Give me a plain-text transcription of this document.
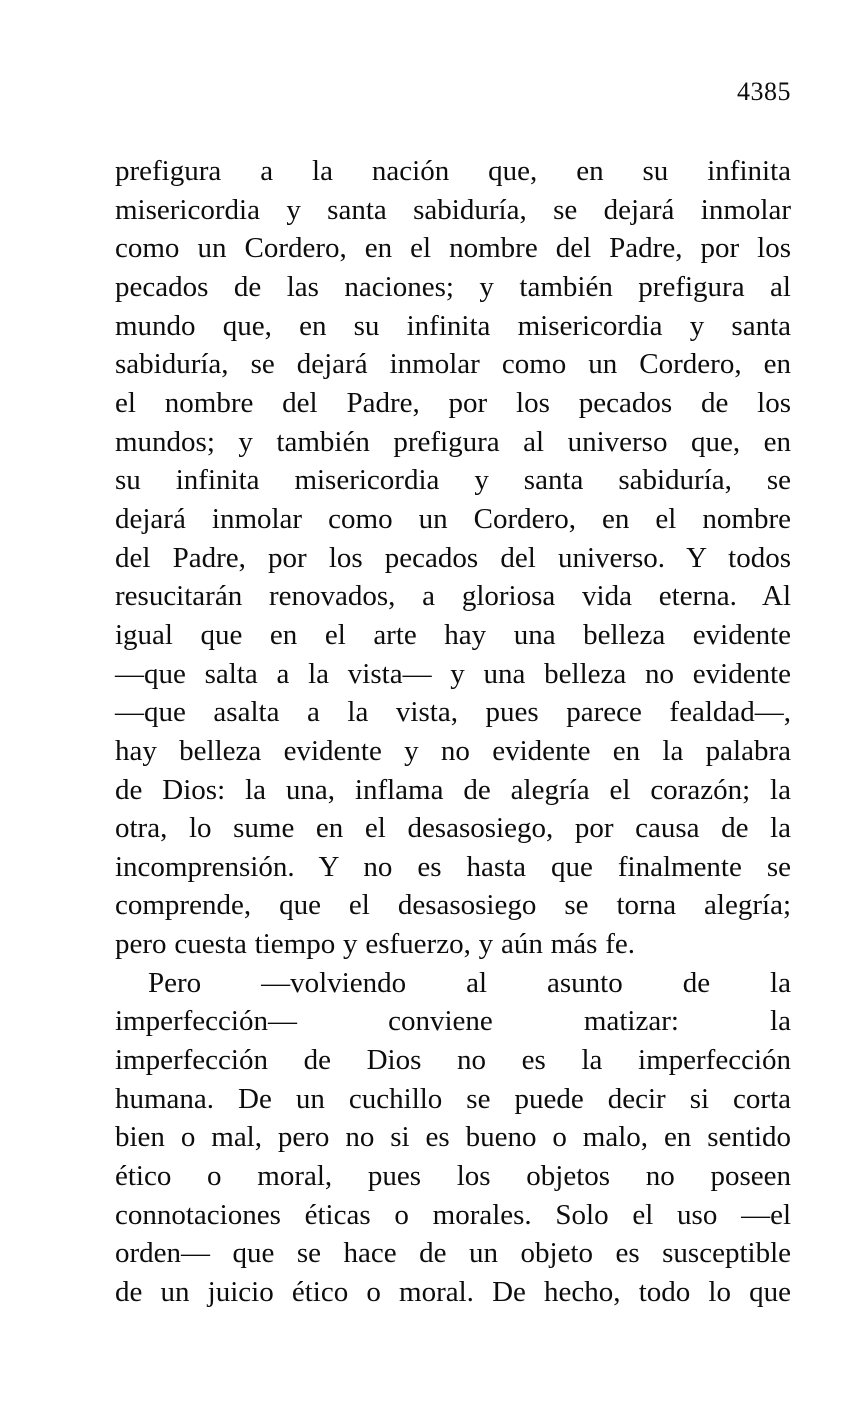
4385
prefigura a la nación que, en su infinita
misericordia y santa sabiduría, se dejará inmolar
como un Cordero, en el nombre del Padre, por los
pecados de las naciones; y también prefigura al
mundo que, en su infinita misericordia y santa
sabiduría, se dejará inmolar como un Cordero, en
el nombre del Padre, por los pecados de los
mundos; y también prefigura al universo que, en
su infinita misericordia y santa sabiduría, se
dejará inmolar como un Cordero, en el nombre
del Padre, por los pecados del universo. Y todos
resucitarán renovados, a gloriosa vida eterna. Al
igual que en el arte hay una belleza evidente
—que salta a la vista— y una belleza no evidente
—que asalta a la vista, pues parece fealdad—,
hay belleza evidente y no evidente en la palabra
de Dios: la una, inflama de alegría el corazón; la
otra, lo sume en el desasosiego, por causa de la
incomprensión. Y no es hasta que finalmente se
comprende, que el desasosiego se torna alegría;
pero cuesta tiempo y esfuerzo, y aún más fe.
Pero —volviendo al asunto de la
imperfección— conviene matizar: la
imperfección de Dios no es la imperfección
humana. De un cuchillo se puede decir si corta
bien o mal, pero no si es bueno o malo, en sentido
ético o moral, pues los objetos no poseen
connotaciones éticas o morales. Solo el uso —el
orden— que se hace de un objeto es susceptible
de un juicio ético o moral. De hecho, todo lo que
